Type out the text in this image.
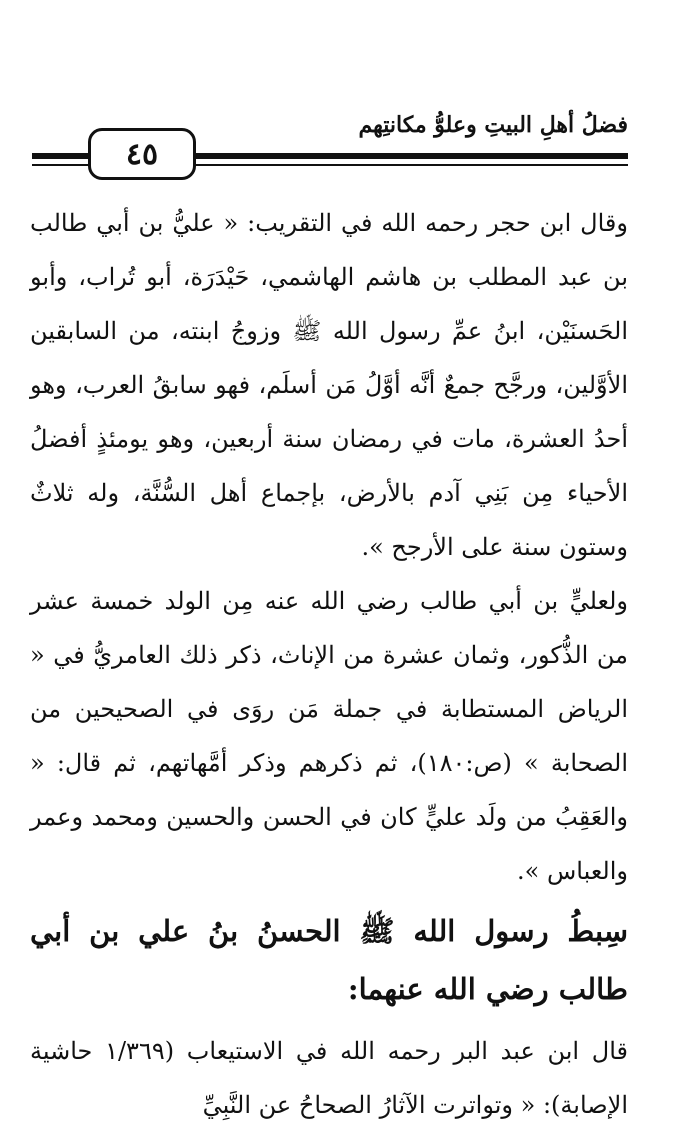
فضلُ أهلِ البيتِ وعلوُّ مكانتِهم
٤٥

وقال ابن حجر رحمه الله في التقريب: « عليُّ بن أبي طالب بن عبد المطلب بن هاشم الهاشمي، حَيْدَرَة، أبو تُراب، وأبو الحَسنَيْن، ابنُ عمِّ رسول الله ﷺ وزوجُ ابنته، من السابقين الأوَّلين، ورجَّح جمعٌ أنَّه أوَّلُ مَن أسلَم، فهو سابقُ العرب، وهو أحدُ العشرة، مات في رمضان سنة أربعين، وهو يومئذٍ أفضلُ الأحياء مِن بَنِي آدم بالأرض، بإجماع أهل السُّنَّة، وله ثلاثٌ وستون سنة على الأرجح ».

ولعليٍّ بن أبي طالب رضي الله عنه مِن الولد خمسة عشر من الذُّكور، وثمان عشرة من الإناث، ذكر ذلك العامريُّ في « الرياض المستطابة في جملة مَن روَى في الصحيحين من الصحابة » (ص:١٨٠)، ثم ذكرهم وذكر أمَّهاتهم، ثم قال: « والعَقِبُ من ولَد عليٍّ كان في الحسن والحسين ومحمد وعمر والعباس ».

سِبطُ رسول الله ﷺ الحسنُ بنُ علي بن أبي طالب رضي الله عنهما:

قال ابن عبد البر رحمه الله في الاستيعاب (١/٣٦٩ حاشية الإصابة): « وتواترت الآثارُ الصحاحُ عن النَّبِيِّ
